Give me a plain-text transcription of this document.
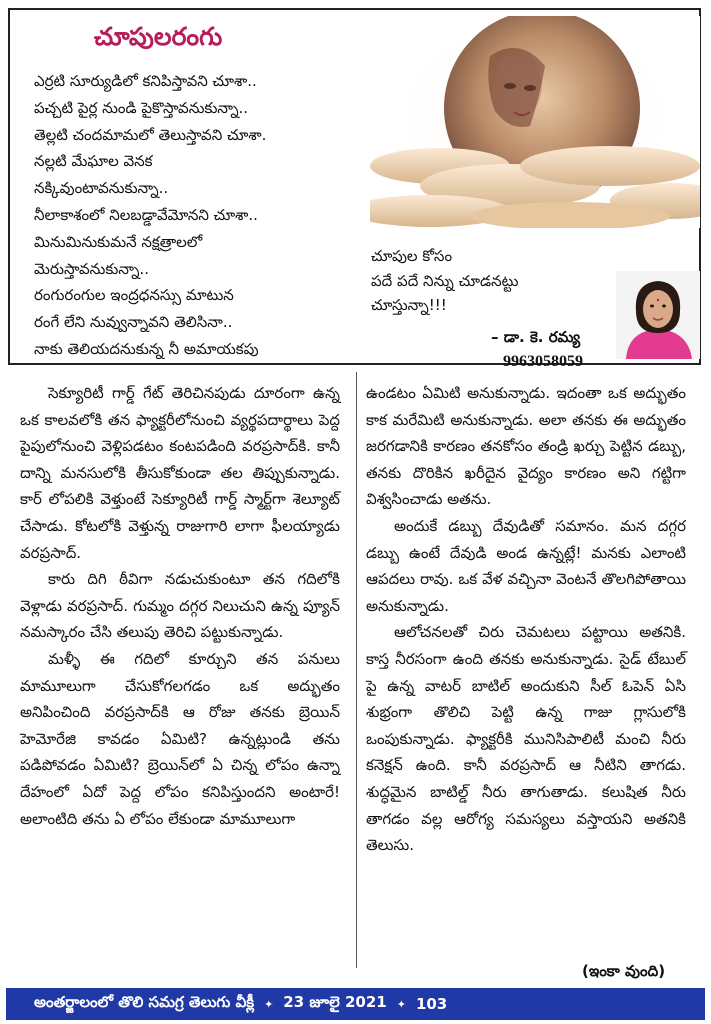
చూపులరంగు
ఎర్రటి సూర్యుడిలో కనిపిస్తావని చూశా..
పచ్చటి పైర్ల నుండి పైకొస్తావనుకున్నా..
తెల్లటి చందమామలో తెలుస్తావని చూశా.
నల్లటి మేఘాల వెనక
నక్కివుంటావనుకున్నా..
నీలాకాశంలో నిలబడ్డావేమోనని చూశా..
మినుమినుకుమనే నక్షత్రాలలో
మెరుస్తావనుకున్నా..
రంగురంగుల ఇంద్రధనస్సు మాటున
రంగే లేని నువ్వున్నావని తెలిసినా..
నాకు తెలియదనుకున్న నీ అమాయకపు
చూపుల కోసం
పదే పదే నిన్ను చూడనట్టు
చూస్తున్నా!!!
– డా. కె. రమ్య
9963058059

సెక్యూరిటీ గార్డ్ గేట్ తెరిచినపుడు దూరంగా ఉన్న ఒక కాలవలోకి తన ఫ్యాక్టరీలోనుంచి వ్యర్థపదార్థాలు పెద్ద పైపులోనుంచి వెళ్లిపడటం కంటపడింది వరప్రసాద్‌కి. కానీ దాన్ని మనసులోకి తీసుకోకుండా తల తిప్పుకున్నాడు. కార్ లోపలికి వెళ్తుంటే సెక్యూరిటీ గార్డ్ స్మార్ట్‌గా శెల్యూట్ చేసాడు. కోటలోకి వెళ్తున్న రాజుగారి లాగా ఫీలయ్యాడు వరప్రసాద్.

కారు దిగి ఠీవిగా నడుచుకుంటూ తన గదిలోకి వెళ్లాడు వరప్రసాద్. గుమ్మం దగ్గర నిలుచుని ఉన్న ప్యూన్ నమస్కారం చేసి తలుపు తెరిచి పట్టుకున్నాడు.

మళ్ళీ ఈ గదిలో కూర్చుని తన పనులు మామూలుగా చేసుకోగలగడం ఒక అద్భుతం అనిపించింది వరప్రసాద్‌కి ఆ రోజు తనకు బ్రెయిన్ హెమోరేజి కావడం ఏమిటి? ఉన్నట్లుండి తను పడిపోవడం ఏమిటి? బ్రెయిన్‌లో ఏ చిన్న లోపం ఉన్నా దేహంలో ఏదో పెద్ద లోపం కనిపిస్తుందని అంటారే! అలాంటిది తను ఏ లోపం లేకుండా మామూలుగా

ఉండటం ఏమిటి అనుకున్నాడు. ఇదంతా ఒక అద్భుతం కాక మరేమిటి అనుకున్నాడు. అలా తనకు ఈ అద్భుతం జరగడానికి కారణం తనకోసం తండ్రి ఖర్చు పెట్టిన డబ్బు, తనకు దొరికిన ఖరీదైన వైద్యం కారణం అని గట్టిగా విశ్వసించాడు అతను.

అందుకే డబ్బు దేవుడితో సమానం. మన దగ్గర డబ్బు ఉంటే దేవుడి అండ ఉన్నట్లే! మనకు ఎలాంటి ఆపదలు రావు. ఒక వేళ వచ్చినా వెంటనే తొలగిపోతాయి అనుకున్నాడు.

ఆలోచనలతో చిరు చెమటలు పట్టాయి అతనికి. కాస్త నీరసంగా ఉంది తనకు అనుకున్నాడు. సైడ్ టేబుల్ పై ఉన్న వాటర్ బాటిల్ అందుకుని సీల్ ఓపెన్ ఏసి శుభ్రంగా తొలిచి పెట్టి ఉన్న గాజు గ్లాసులోకి ఒంపుకున్నాడు. ఫ్యాక్టరీకి మునిసిపాలిటీ మంచి నీరు కనెక్షన్ ఉంది. కానీ వరప్రసాద్ ఆ నీటిని తాగడు. శుద్ధమైన బాటిల్డ్ నీరు తాగుతాడు. కలుషిత నీరు తాగడం వల్ల ఆరోగ్య సమస్యలు వస్తాయని అతనికి తెలుసు.

(ఇంకా వుంది)
అంతర్జాలంలో తొలి సమగ్ర తెలుగు వీక్లీ ✦ 23 జూలై 2021 ✦ 103
